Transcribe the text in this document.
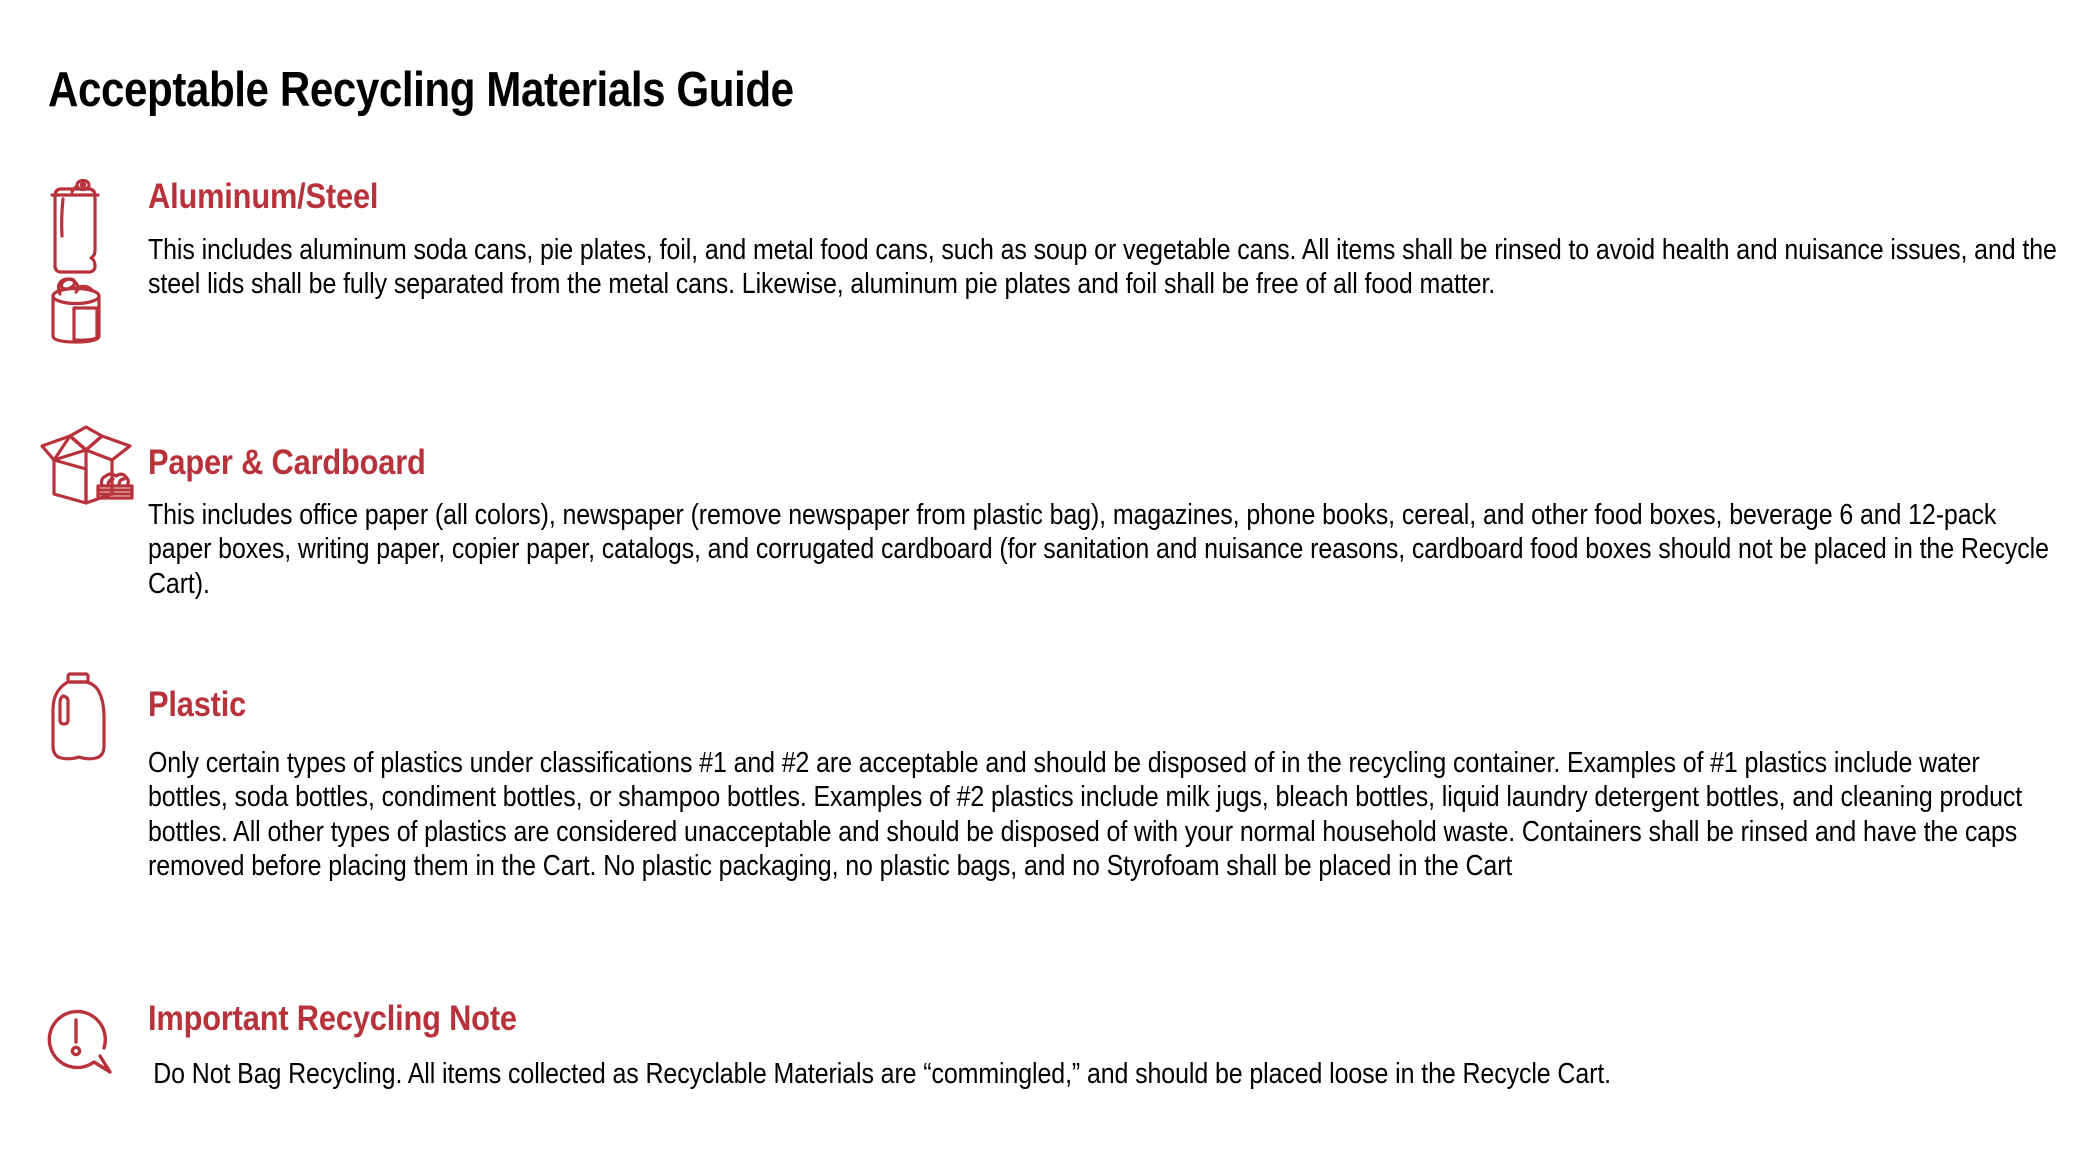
Acceptable Recycling Materials Guide
Aluminum/Steel

This includes aluminum soda cans, pie plates, foil, and metal food cans, such as soup or vegetable cans. All items shall be rinsed to avoid health and nuisance issues, and the steel lids shall be fully separated from the metal cans. Likewise, aluminum pie plates and foil shall be free of all food matter.

Paper & Cardboard

This includes office paper (all colors), newspaper (remove newspaper from plastic bag), magazines, phone books, cereal, and other food boxes, beverage 6 and 12-pack paper boxes, writing paper, copier paper, catalogs, and corrugated cardboard (for sanitation and nuisance reasons, cardboard food boxes should not be placed in the Recycle Cart).

Plastic

Only certain types of plastics under classifications #1 and #2 are acceptable and should be disposed of in the recycling container. Examples of #1 plastics include water bottles, soda bottles, condiment bottles, or shampoo bottles. Examples of #2 plastics include milk jugs, bleach bottles, liquid laundry detergent bottles, and cleaning product bottles. All other types of plastics are considered unacceptable and should be disposed of with your normal household waste. Containers shall be rinsed and have the caps removed before placing them in the Cart. No plastic packaging, no plastic bags, and no Styrofoam shall be placed in the Cart

Important Recycling Note

Do Not Bag Recycling. All items collected as Recyclable Materials are “commingled,” and should be placed loose in the Recycle Cart.
